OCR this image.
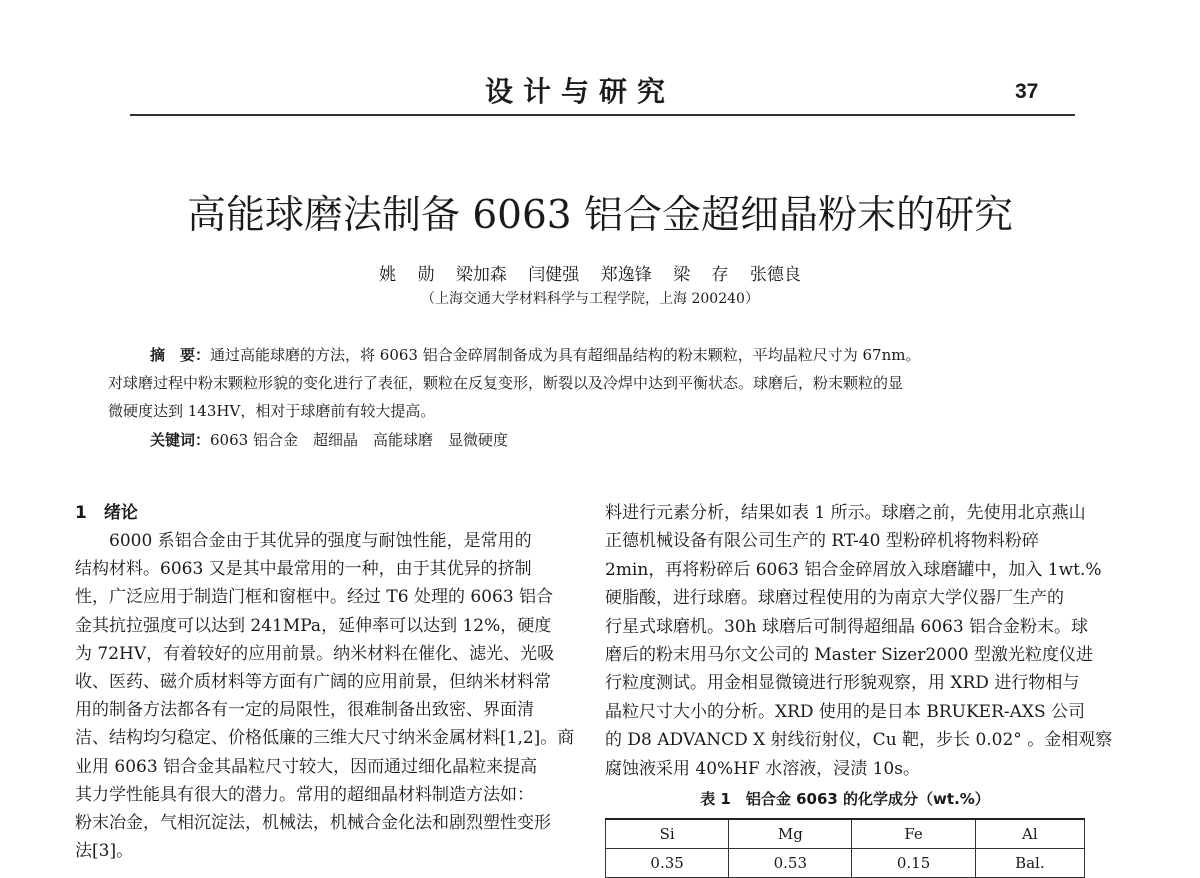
设计与研究	37
高能球磨法制备 6063 铝合金超细晶粉末的研究
姚 勋 梁加森 闫健强 郑逸锋 梁 存 张德良
（上海交通大学材料科学与工程学院，上海 200240）
摘　要：通过高能球磨的方法，将 6063 铝合金碎屑制备成为具有超细晶结构的粉末颗粒，平均晶粒尺寸为 67nm。
对球磨过程中粉末颗粒形貌的变化进行了表征，颗粒在反复变形，断裂以及冷焊中达到平衡状态。球磨后，粉末颗粒的显
微硬度达到 143HV，相对于球磨前有较大提高。
关键词：6063 铝合金　超细晶　高能球磨　显微硬度
1　绪论
　　6000 系铝合金由于其优异的强度与耐蚀性能，是常用的
结构材料。6063 又是其中最常用的一种，由于其优异的挤制
性，广泛应用于制造门框和窗框中。经过 T6 处理的 6063 铝合
金其抗拉强度可以达到 241MPa，延伸率可以达到 12%，硬度
为 72HV，有着较好的应用前景。纳米材料在催化、滤光、光吸
收、医药、磁介质材料等方面有广阔的应用前景，但纳米材料常
用的制备方法都各有一定的局限性，很难制备出致密、界面清
洁、结构均匀稳定、价格低廉的三维大尺寸纳米金属材料[1,2]。商
业用 6063 铝合金其晶粒尺寸较大，因而通过细化晶粒来提高
其力学性能具有很大的潜力。常用的超细晶材料制造方法如：
粉末冶金，气相沉淀法，机械法，机械合金化法和剧烈塑性变形
法[3]。
料进行元素分析，结果如表 1 所示。球磨之前，先使用北京燕山
正德机械设备有限公司生产的 RT-40 型粉碎机将物料粉碎
2min，再将粉碎后 6063 铝合金碎屑放入球磨罐中，加入 1wt.%
硬脂酸，进行球磨。球磨过程使用的为南京大学仪器厂生产的
行星式球磨机。30h 球磨后可制得超细晶 6063 铝合金粉末。球
磨后的粉末用马尔文公司的 Master Sizer2000 型激光粒度仪进
行粒度测试。用金相显微镜进行形貌观察，用 XRD 进行物相与
晶粒尺寸大小的分析。XRD 使用的是日本 BRUKER-AXS 公司
的 D8 ADVANCD X 射线衍射仪，Cu 靶，步长 0.02° 。金相观察
腐蚀液采用 40%HF 水溶液，浸渍 10s。
表 1　铝合金 6063 的化学成分（wt.%）
Si	Mg	Fe	Al
0.35	0.53	0.15	Bal.
